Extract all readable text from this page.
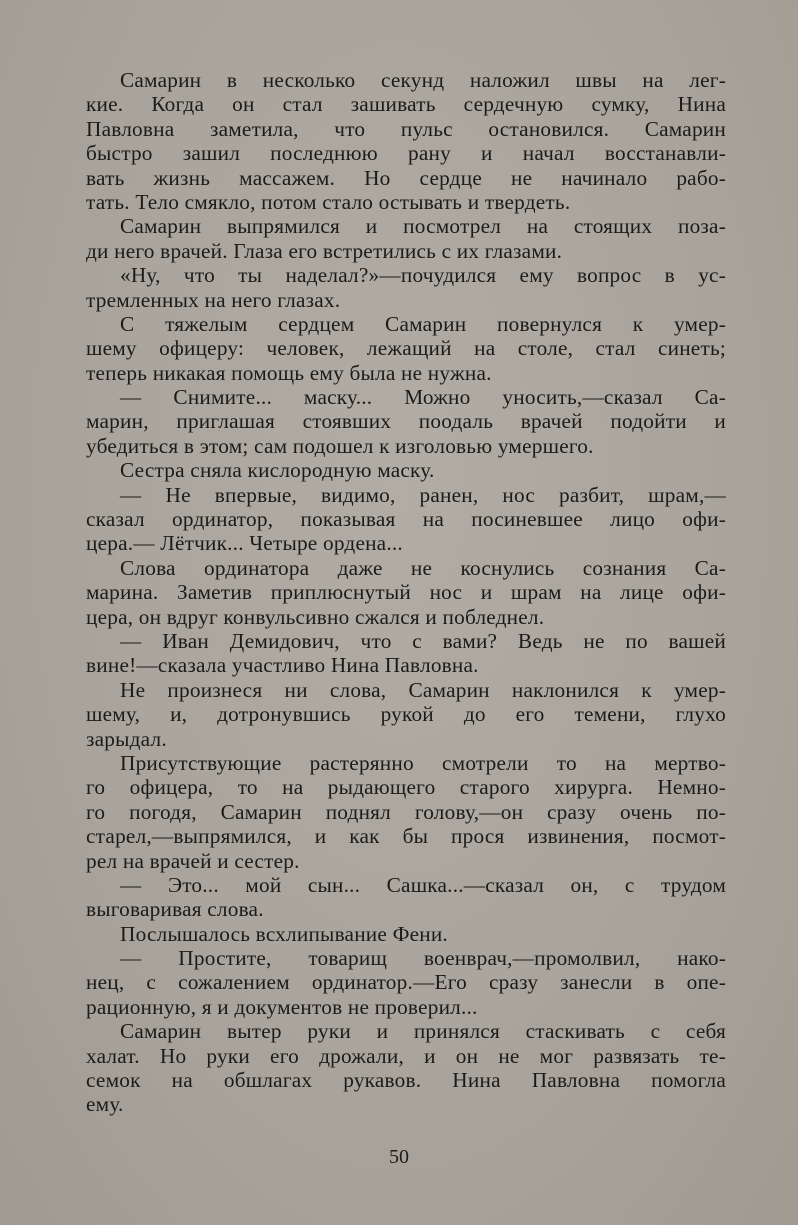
Самарин в несколько секунд наложил швы на лег-
кие. Когда он стал зашивать сердечную сумку, Нина
Павловна заметила, что пульс остановился. Самарин
быстро зашил последнюю рану и начал восстанавли-
вать жизнь массажем. Но сердце не начинало рабо-
тать. Тело смякло, потом стало остывать и твердеть.
Самарин выпрямился и посмотрел на стоящих поза-
ди него врачей. Глаза его встретились с их глазами.
«Ну, что ты наделал?»—почудился ему вопрос в ус-
тремленных на него глазах.
С тяжелым сердцем Самарин повернулся к умер-
шему офицеру: человек, лежащий на столе, стал синеть;
теперь никакая помощь ему была не нужна.
— Снимите... маску... Можно уносить,—сказал Са-
марин, приглашая стоявших поодаль врачей подойти и
убедиться в этом; сам подошел к изголовью умершего.
Сестра сняла кислородную маску.
— Не впервые, видимо, ранен, нос разбит, шрам,—
сказал ординатор, показывая на посиневшее лицо офи-
цера.— Лётчик... Четыре ордена...
Слова ординатора даже не коснулись сознания Са-
марина. Заметив приплюснутый нос и шрам на лице офи-
цера, он вдруг конвульсивно сжался и побледнел.
— Иван Демидович, что с вами? Ведь не по вашей
вине!—сказала участливо Нина Павловна.
Не произнеся ни слова, Самарин наклонился к умер-
шему, и, дотронувшись рукой до его темени, глухо
зарыдал.
Присутствующие растерянно смотрели то на мертво-
го офицера, то на рыдающего старого хирурга. Немно-
го погодя, Самарин поднял голову,—он сразу очень по-
старел,—выпрямился, и как бы прося извинения, посмот-
рел на врачей и сестер.
— Это... мой сын... Сашка...—сказал он, с трудом
выговаривая слова.
Послышалось всхлипывание Фени.
— Простите, товарищ военврач,—промолвил, нако-
нец, с сожалением ординатор.—Его сразу занесли в опе-
рационную, я и документов не проверил...
Самарин вытер руки и принялся стаскивать с себя
халат. Но руки его дрожали, и он не мог развязать те-
семок на обшлагах рукавов. Нина Павловна помогла
ему.
50
